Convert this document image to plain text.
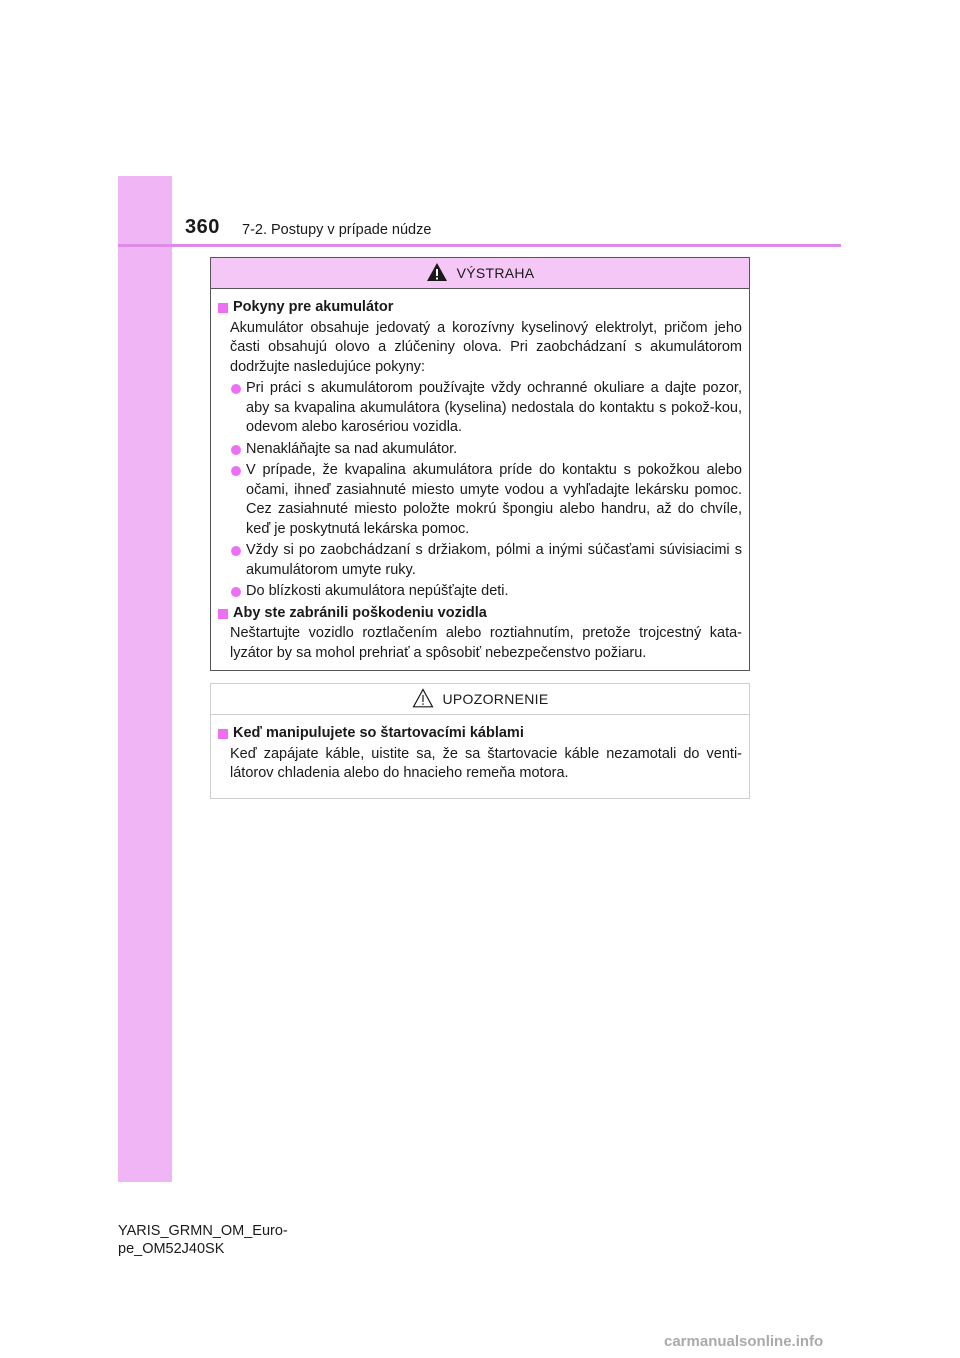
360 7-2. Postupy v prípade núdze
VÝSTRAHA
Pokyny pre akumulátor
Akumulátor obsahuje jedovatý a korozívny kyselinový elektrolyt, pričom jeho časti obsahujú olovo a zlúčeniny olova. Pri zaobchádzaní s akumulátorom dodržujte nasledujúce pokyny:
Pri práci s akumulátorom používajte vždy ochranné okuliare a dajte pozor, aby sa kvapalina akumulátora (kyselina) nedostala do kontaktu s pokož-kou, odevom alebo karosériou vozidla.
Nenakláňajte sa nad akumulátor.
V prípade, že kvapalina akumulátora príde do kontaktu s pokožkou alebo očami, ihneď zasiahnuté miesto umyte vodou a vyhľadajte lekársku pomoc. Cez zasiahnuté miesto položte mokrú špongiu alebo handru, až do chvíle, keď je poskytnutá lekárska pomoc.
Vždy si po zaobchádzaní s držiakom, pólmi a inými súčasťami súvisiacimi s akumulátorom umyte ruky.
Do blízkosti akumulátora nepúšťajte deti.
Aby ste zabránili poškodeniu vozidla
Neštartujte vozidlo roztlačením alebo roztiahnutím, pretože trojcestný kata-lyzátor by sa mohol prehriať a spôsobiť nebezpečenstvo požiaru.
UPOZORNENIE
Keď manipulujete so štartovacími káblami
Keď zapájate káble, uistite sa, že sa štartovacie káble nezamotali do venti-látorov chladenia alebo do hnacieho remeňa motora.
YARIS_GRMN_OM_Euro-
pe_OM52J40SK
carmanualsonline.info
